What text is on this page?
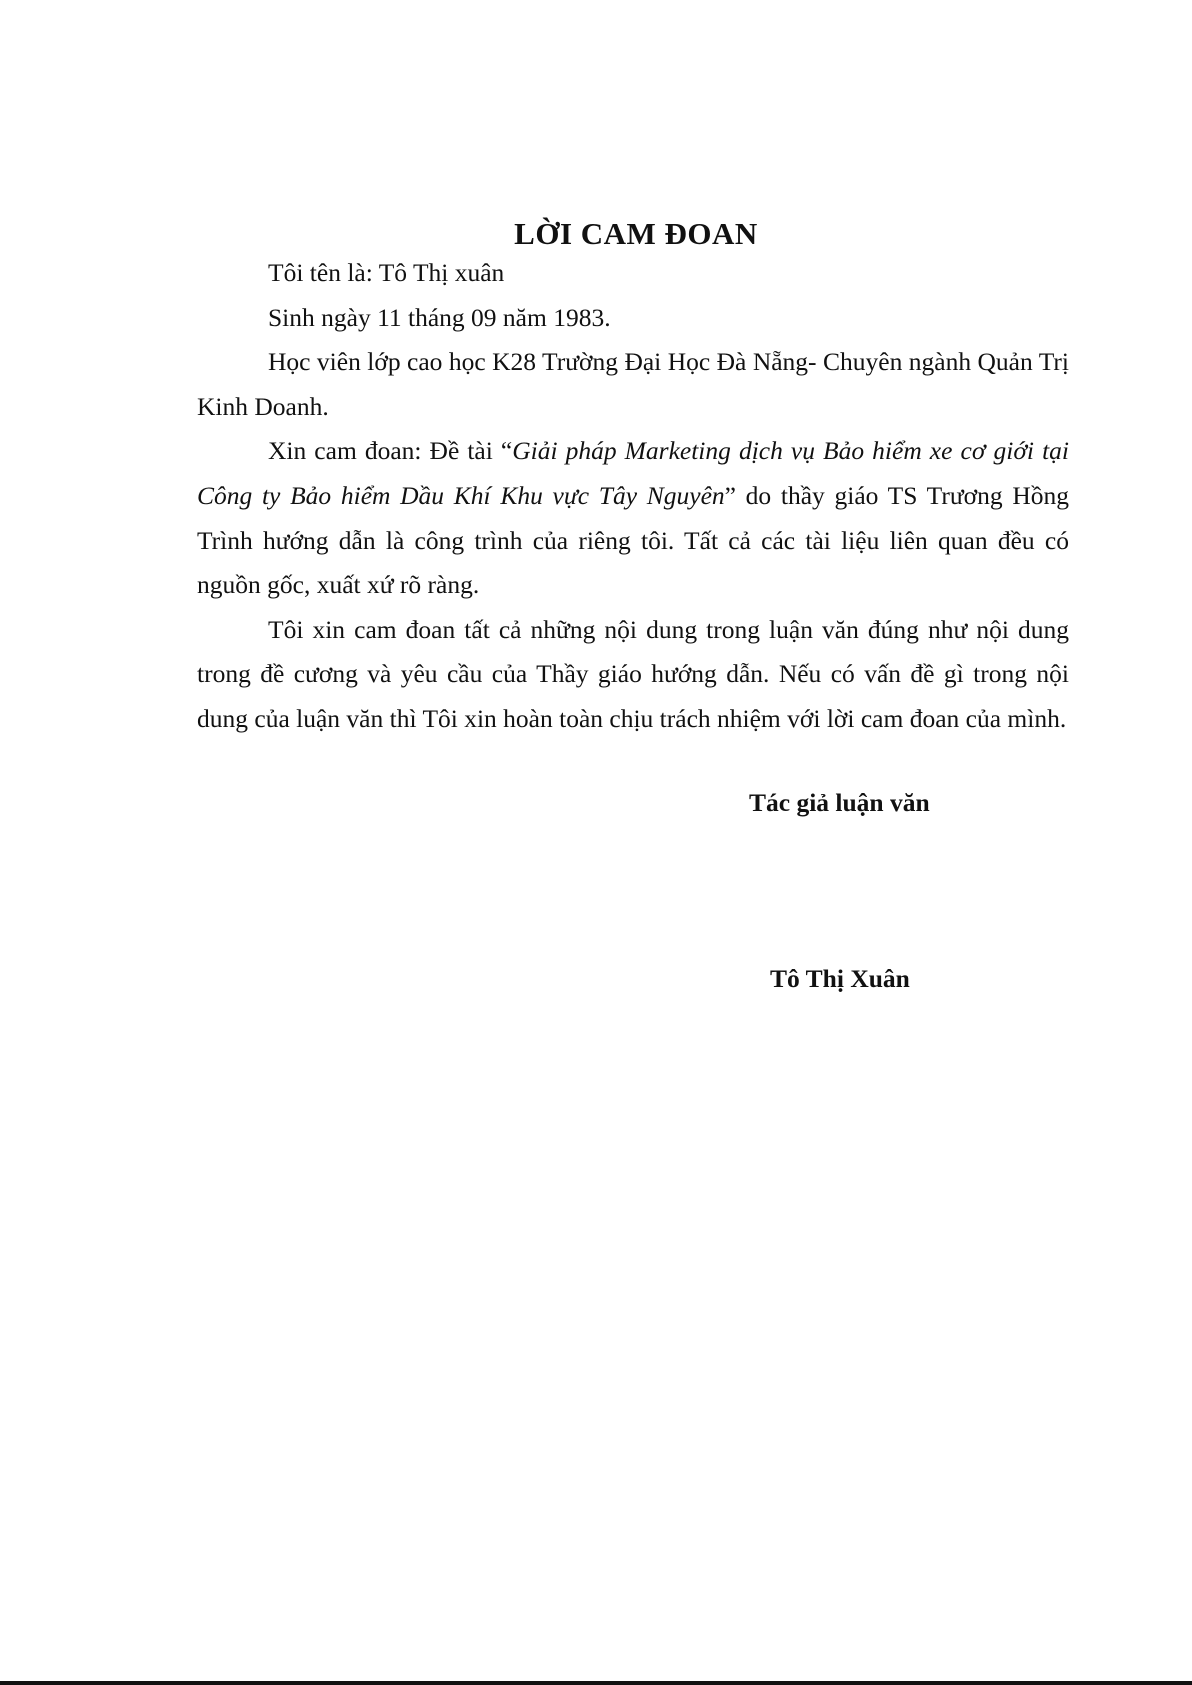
LỜI CAM ĐOAN

Tôi tên là: Tô Thị xuân

Sinh ngày 11 tháng 09 năm 1983.

Học viên lớp cao học K28 Trường Đại Học Đà Nẵng- Chuyên ngành Quản Trị Kinh Doanh.

Xin cam đoan: Đề tài “Giải pháp Marketing dịch vụ Bảo hiểm xe cơ giới tại Công ty Bảo hiểm Dầu Khí Khu vực Tây Nguyên” do thầy giáo TS Trương Hồng Trình hướng dẫn là công trình của riêng tôi. Tất cả các tài liệu liên quan đều có nguồn gốc, xuất xứ rõ ràng.

Tôi xin cam đoan tất cả những nội dung trong luận văn đúng như nội dung trong đề cương và yêu cầu của Thầy giáo hướng dẫn. Nếu có vấn đề gì trong nội dung của luận văn thì Tôi xin hoàn toàn chịu trách nhiệm với lời cam đoan của mình.

Tác giả luận văn
Tô Thị Xuân
